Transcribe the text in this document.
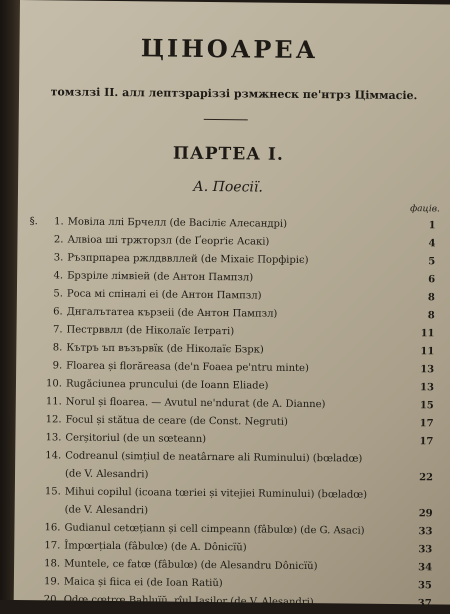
ЦІНОАРЕА
томзлзі II. алл лептзраріззі рзмжнеск пе'нтрз Ціммасіе.
ПАРТЕА I.
А. Поесії.
фаців.
§. 1. Мовіла ллі Брчелл (de Васіліє Алесандрі)	1
2. Алвіоа ші тржторзл (de Ґеорґіє Асакі)	4
3. Ръзпрпареа ржлдввллей (de Міхаіє Порфіріє)	5
4. Брзріле лімвіей (de Антон Пампзл)	6
5. Роса мі спіналі еі (de Антон Пампзл)	8
6. Днгалътатеа кързеіі (de Антон Пампзл)	8
7. Пестрввлл (de Ніколаїє Іетраті)	11
8. Кътръ ъп възървїк (de Ніколаїє Бзрк)	11
9. Floarea și florăreasa (de'n Foaea pe'ntru minte)	13
10. Rugăciunea pruncului (de Ioann Eliade)	13
11. Norul și floarea. — Avutul ne'ndurat (de A. Dianne)	15
12. Focul și stătua de ceare (de Const. Negruti)	17
13. Cerșitoriul (de un sœteann)	17
14. Codreanul (simțiul de neatârnare ali Ruminului) (bœladœ)
(de V. Alesandri)	22
15. Mihui copilul (icoana tœriei și vitejiei Ruminului) (bœladœ)
(de V. Alesandri)	29
16. Gudianul cetœțiann și cell cimpeann (fâbulœ) (de G. Asaci)	33
17. Împœrțiala (fâbulœ) (de A. Dônicïŭ)	33
18. Muntele, ce fatœ (fâbulœ) (de Alesandru Dônicïŭ)	34
19. Maica și fiica ei (de Ioan Ratiŭ)	35
20. Odœ cœtrœ Bahluïŭ, rîul Iașilor (de V. Alesandri)	37
